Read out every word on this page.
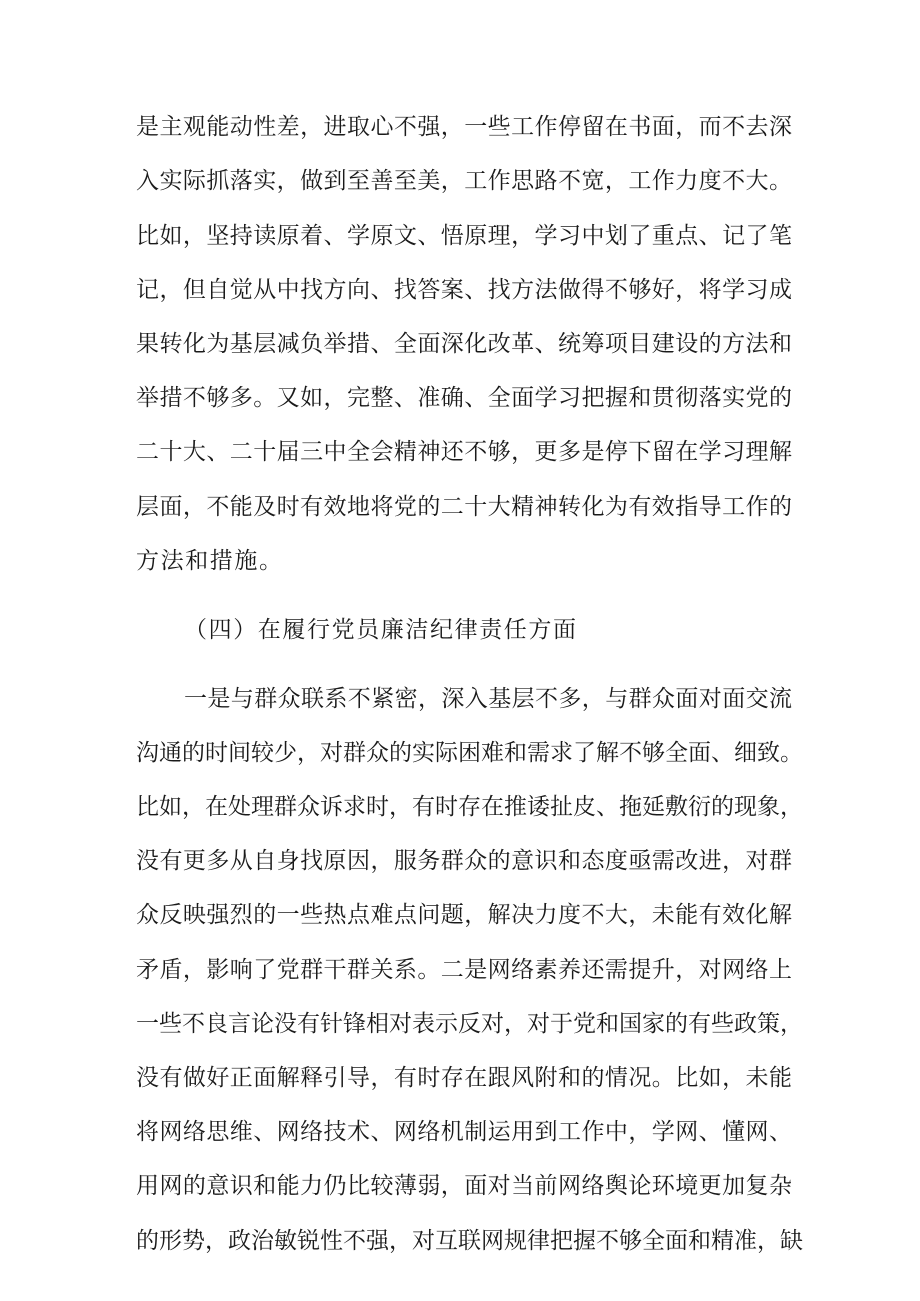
是主观能动性差，进取心不强，一些工作停留在书面，而不去深
入实际抓落实，做到至善至美，工作思路不宽，工作力度不大。
比如，坚持读原着、学原文、悟原理，学习中划了重点、记了笔
记，但自觉从中找方向、找答案、找方法做得不够好，将学习成
果转化为基层减负举措、全面深化改革、统筹项目建设的方法和
举措不够多。又如，完整、准确、全面学习把握和贯彻落实党的
二十大、二十届三中全会精神还不够，更多是停下留在学习理解
层面，不能及时有效地将党的二十大精神转化为有效指导工作的
方法和措施。
（四）在履行党员廉洁纪律责任方面
一是与群众联系不紧密，深入基层不多，与群众面对面交流
沟通的时间较少，对群众的实际困难和需求了解不够全面、细致。
比如，在处理群众诉求时，有时存在推诿扯皮、拖延敷衍的现象，
没有更多从自身找原因，服务群众的意识和态度亟需改进，对群
众反映强烈的一些热点难点问题，解决力度不大，未能有效化解
矛盾，影响了党群干群关系。二是网络素养还需提升，对网络上
一些不良言论没有针锋相对表示反对，对于党和国家的有些政策，
没有做好正面解释引导，有时存在跟风附和的情况。比如，未能
将网络思维、网络技术、网络机制运用到工作中，学网、懂网、
用网的意识和能力仍比较薄弱，面对当前网络舆论环境更加复杂
的形势，政治敏锐性不强，对互联网规律把握不够全面和精准，缺
